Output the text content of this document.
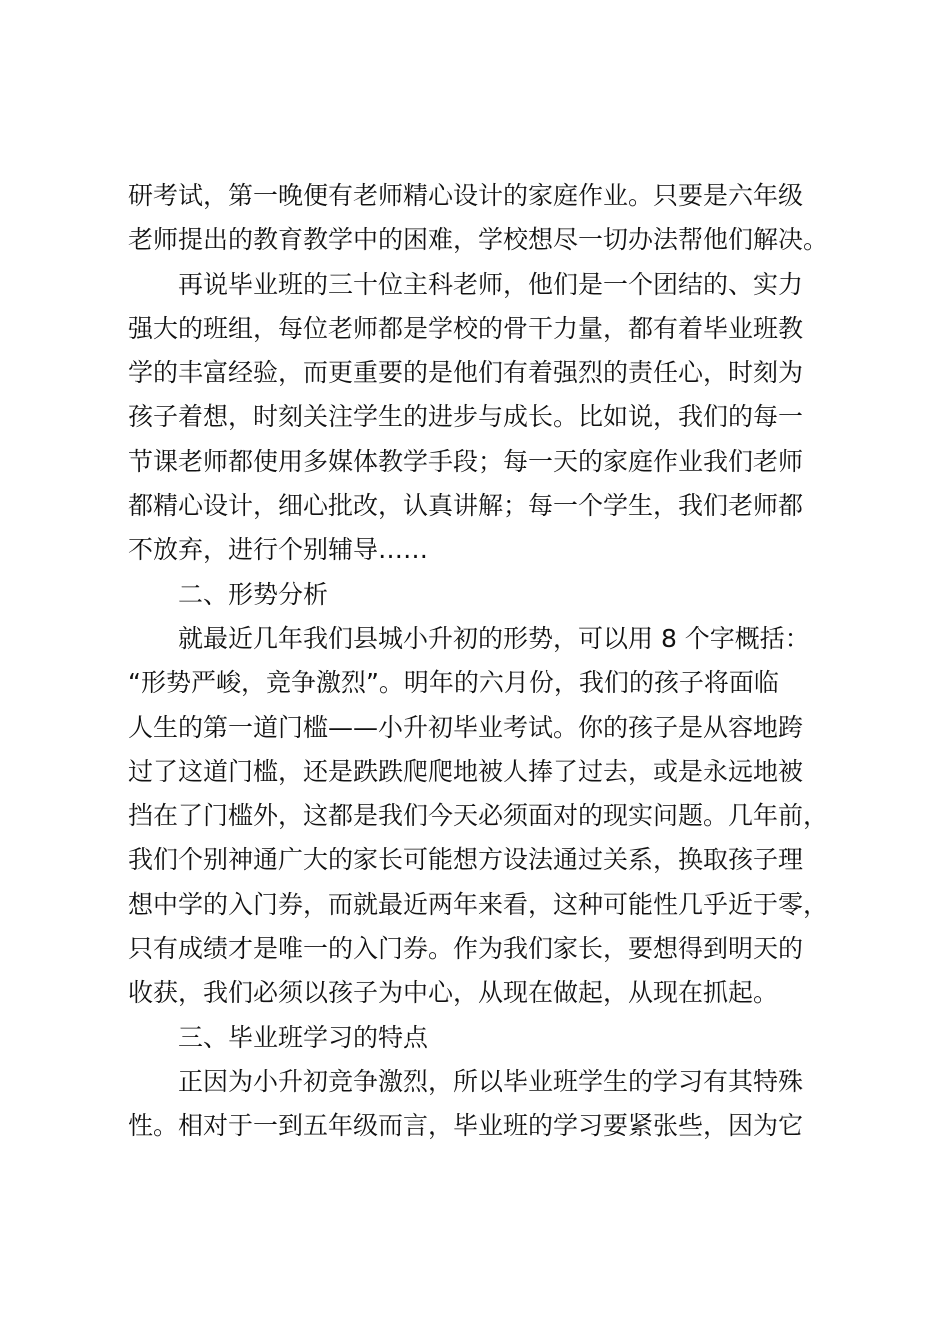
研考试，第一晚便有老师精心设计的家庭作业。只要是六年级
老师提出的教育教学中的困难，学校想尽一切办法帮他们解决。
再说毕业班的三十位主科老师，他们是一个团结的、实力
强大的班组，每位老师都是学校的骨干力量，都有着毕业班教
学的丰富经验，而更重要的是他们有着强烈的责任心，时刻为
孩子着想，时刻关注学生的进步与成长。比如说，我们的每一
节课老师都使用多媒体教学手段；每一天的家庭作业我们老师
都精心设计，细心批改，认真讲解；每一个学生，我们老师都
不放弃，进行个别辅导……
二、形势分析
就最近几年我们县城小升初的形势，可以用 8 个字概括：
“形势严峻，竞争激烈”。明年的六月份，我们的孩子将面临
人生的第一道门槛——小升初毕业考试。你的孩子是从容地跨
过了这道门槛，还是跌跌爬爬地被人捧了过去，或是永远地被
挡在了门槛外，这都是我们今天必须面对的现实问题。几年前，
我们个别神通广大的家长可能想方设法通过关系，换取孩子理
想中学的入门券，而就最近两年来看，这种可能性几乎近于零，
只有成绩才是唯一的入门券。作为我们家长，要想得到明天的
收获，我们必须以孩子为中心，从现在做起，从现在抓起。
三、毕业班学习的特点
正因为小升初竞争激烈，所以毕业班学生的学习有其特殊
性。相对于一到五年级而言，毕业班的学习要紧张些，因为它
